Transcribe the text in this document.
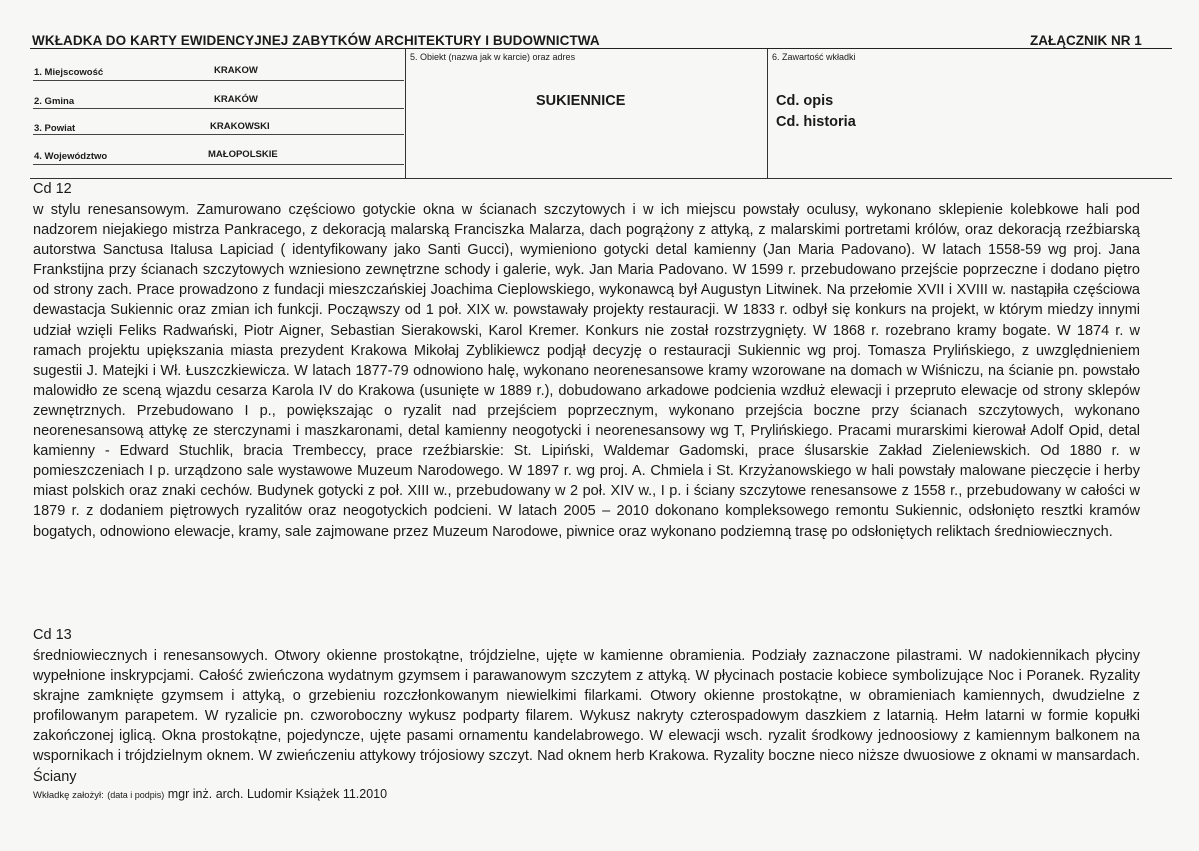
WKŁADKA DO KARTY EWIDENCYJNEJ ZABYTKÓW ARCHITEKTURY I BUDOWNICTWA	ZAŁĄCZNIK NR 1
1. Miejscowość	KRAKOW
2. Gmina	KRAKÓW
3. Powiat	KRAKOWSKI
4. Województwo	MAŁOPOLSKIE
5. Obiekt (nazwa jak w karcie) oraz adres
SUKIENNICE
6. Zawartość wkładki
Cd. opis
Cd. historia
Cd 12
w stylu renesansowym. Zamurowano częściowo gotyckie okna w ścianach szczytowych i w ich miejscu powstały oculusy, wykonano sklepienie kolebkowe hali pod nadzorem niejakiego mistrza Pankracego, z dekoracją malarską Franciszka Malarza, dach pogrążony z attyką, z malarskimi portretami królów, oraz dekoracją rzeźbiarską autorstwa Sanctusa Italusa Lapiciad ( identyfikowany jako Santi Gucci), wymieniono gotycki detal kamienny (Jan Maria Padovano). W latach 1558-59 wg proj. Jana Frankstijna przy ścianach szczytowych wzniesiono zewnętrzne schody i galerie, wyk. Jan Maria Padovano. W 1599 r. przebudowano przejście poprzeczne i dodano piętro od strony zach. Prace prowadzono z fundacji mieszczańskiej Joachima Cieplowskiego, wykonawcą był Augustyn Litwinek. Na przełomie XVII i XVIII w. nastąpiła częściowa dewastacja Sukiennic oraz zmian ich funkcji. Począwszy od 1 poł. XIX w. powstawały projekty restauracji. W 1833 r. odbył się konkurs na projekt, w którym miedzy innymi udział wzięli Feliks Radwański, Piotr Aigner, Sebastian Sierakowski, Karol Kremer. Konkurs nie został rozstrzygnięty. W 1868 r. rozebrano kramy bogate. W 1874 r. w ramach projektu upiększania miasta prezydent Krakowa Mikołaj Zyblikiewcz podjął decyzję o restauracji Sukiennic wg proj. Tomasza Prylińskiego, z uwzględnieniem sugestii J. Matejki i Wł. Łuszczkiewicza. W latach 1877-79 odnowiono halę, wykonano neorenesansowe kramy wzorowane na domach w Wiśniczu, na ścianie pn. powstało malowidło ze sceną wjazdu cesarza Karola IV do Krakowa (usunięte w 1889 r.), dobudowano arkadowe podcienia wzdłuż elewacji i przepruto elewacje od strony sklepów zewnętrznych. Przebudowano I p., powiększając o ryzalit nad przejściem poprzecznym, wykonano przejścia boczne przy ścianach szczytowych, wykonano neorenesansową attykę ze sterczynami i maszkaronami, detal kamienny neogotycki i neorenesansowy wg T, Prylińskiego. Pracami murarskimi kierował Adolf Opid, detal kamienny - Edward Stuchlik, bracia Trembeccy, prace rzeźbiarskie: St. Lipiński, Waldemar Gadomski, prace ślusarskie Zakład Zieleniewskich. Od 1880 r. w pomieszczeniach I p. urządzono sale wystawowe Muzeum Narodowego. W 1897 r. wg proj. A. Chmiela i St. Krzyżanowskiego w hali powstały malowane pieczęcie i herby miast polskich oraz znaki cechów. Budynek gotycki z poł. XIII w., przebudowany w 2 poł. XIV w., I p. i ściany szczytowe renesansowe z 1558 r., przebudowany w całości w 1879 r. z dodaniem piętrowych ryzalitów oraz neogotyckich podcieni. W latach 2005 – 2010 dokonano kompleksowego remontu Sukiennic, odsłonięto resztki kramów bogatych, odnowiono elewacje, kramy, sale zajmowane przez Muzeum Narodowe, piwnice oraz wykonano podziemną trasę po odsłoniętych reliktach średniowiecznych.
Cd 13
średniowiecznych i renesansowych. Otwory okienne prostokątne, trójdzielne, ujęte w kamienne obramienia. Podziały zaznaczone pilastrami. W nadokiennikach płyciny wypełnione inskrypcjami. Całość zwieńczona wydatnym gzymsem i parawanowym szczytem z attyką. W płycinach postacie kobiece symbolizujące Noc i Poranek. Ryzality skrajne zamknięte gzymsem i attyką, o grzebieniu rozczłonkowanym niewielkimi filarkami. Otwory okienne prostokątne, w obramieniach kamiennych, dwudzielne z profilowanym parapetem. W ryzalicie pn. czworoboczny wykusz podparty filarem. Wykusz nakryty czterospadowym daszkiem z latarnią. Hełm latarni w formie kopułki zakończonej iglicą. Okna prostokątne, pojedyncze, ujęte pasami ornamentu kandelabrowego. W elewacji wsch. ryzalit środkowy jednoosiowy z kamiennym balkonem na wspornikach i trójdzielnym oknem. W zwieńczeniu attykowy trójosiowy szczyt. Nad oknem herb Krakowa. Ryzality boczne nieco niższe dwuosiowe z oknami w mansardach. Ściany
Wkładkę założył: (data i podpis) mgr inż. arch. Ludomir Książek 11.2010
